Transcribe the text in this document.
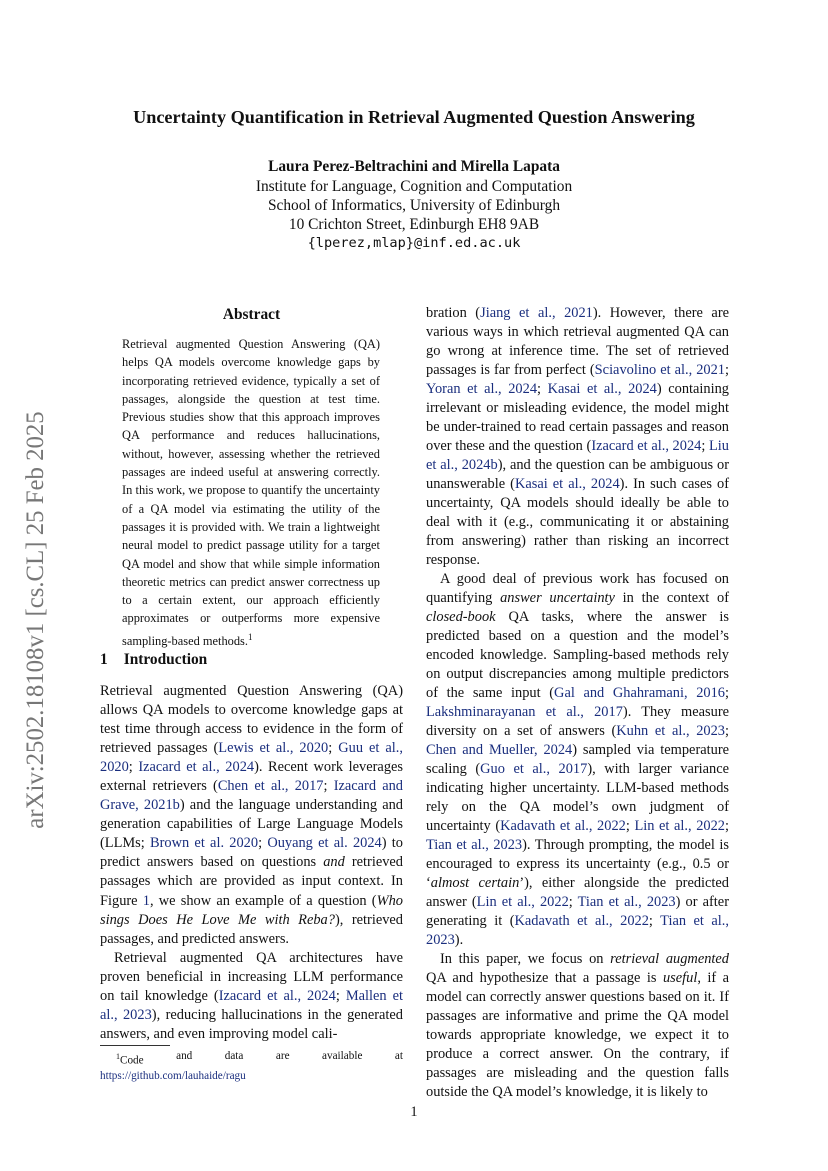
arXiv:2502.18108v1 [cs.CL] 25 Feb 2025
Uncertainty Quantification in Retrieval Augmented Question Answering
Laura Perez-Beltrachini and Mirella Lapata
Institute for Language, Cognition and Computation
School of Informatics, University of Edinburgh
10 Crichton Street, Edinburgh EH8 9AB
{lperez,mlap}@inf.ed.ac.uk
Abstract
Retrieval augmented Question Answering (QA) helps QA models overcome knowledge gaps by incorporating retrieved evidence, typically a set of passages, alongside the question at test time. Previous studies show that this approach improves QA performance and reduces hallucinations, without, however, assessing whether the retrieved passages are indeed useful at answering correctly. In this work, we propose to quantify the uncertainty of a QA model via estimating the utility of the passages it is provided with. We train a lightweight neural model to predict passage utility for a target QA model and show that while simple information theoretic metrics can predict answer correctness up to a certain extent, our approach efficiently approximates or outperforms more expensive sampling-based methods.$^1$
1 Introduction

Retrieval augmented Question Answering (QA) allows QA models to overcome knowledge gaps at test time through access to evidence in the form of retrieved passages (Lewis et al., 2020; Guu et al., 2020; Izacard et al., 2024). Recent work leverages external retrievers (Chen et al., 2017; Izacard and Grave, 2021b) and the language understanding and generation capabilities of Large Language Models (LLMs; Brown et al. 2020; Ouyang et al. 2024) to predict answers based on questions and retrieved passages which are provided as input context. In Figure 1, we show an example of a question (Who sings Does He Love Me with Reba?), retrieved passages, and predicted answers.

Retrieval augmented QA architectures have proven beneficial in increasing LLM performance on tail knowledge (Izacard et al., 2024; Mallen et al., 2023), reducing hallucinations in the generated answers, and even improving model cali-

$^1$Code	and	data	are	available	at
https://github.com/lauhaide/ragu

bration (Jiang et al., 2021). However, there are various ways in which retrieval augmented QA can go wrong at inference time. The set of retrieved passages is far from perfect (Sciavolino et al., 2021; Yoran et al., 2024; Kasai et al., 2024) containing irrelevant or misleading evidence, the model might be under-trained to read certain passages and reason over these and the question (Izacard et al., 2024; Liu et al., 2024b), and the question can be ambiguous or unanswerable (Kasai et al., 2024). In such cases of uncertainty, QA models should ideally be able to deal with it (e.g., communicating it or abstaining from answering) rather than risking an incorrect response.

A good deal of previous work has focused on quantifying answer uncertainty in the context of closed-book QA tasks, where the answer is predicted based on a question and the model’s encoded knowledge. Sampling-based methods rely on output discrepancies among multiple predictors of the same input (Gal and Ghahramani, 2016; Lakshminarayanan et al., 2017). They measure diversity on a set of answers (Kuhn et al., 2023; Chen and Mueller, 2024) sampled via temperature scaling (Guo et al., 2017), with larger variance indicating higher uncertainty. LLM-based methods rely on the QA model’s own judgment of uncertainty (Kadavath et al., 2022; Lin et al., 2022; Tian et al., 2023). Through prompting, the model is encouraged to express its uncertainty (e.g., 0.5 or ‘almost certain’), either alongside the predicted answer (Lin et al., 2022; Tian et al., 2023) or after generating it (Kadavath et al., 2022; Tian et al., 2023).

In this paper, we focus on retrieval augmented QA and hypothesize that a passage is useful, if a model can correctly answer questions based on it. If passages are informative and prime the QA model towards appropriate knowledge, we expect it to produce a correct answer. On the contrary, if passages are misleading and the question falls outside the QA model’s knowledge, it is likely to

1
